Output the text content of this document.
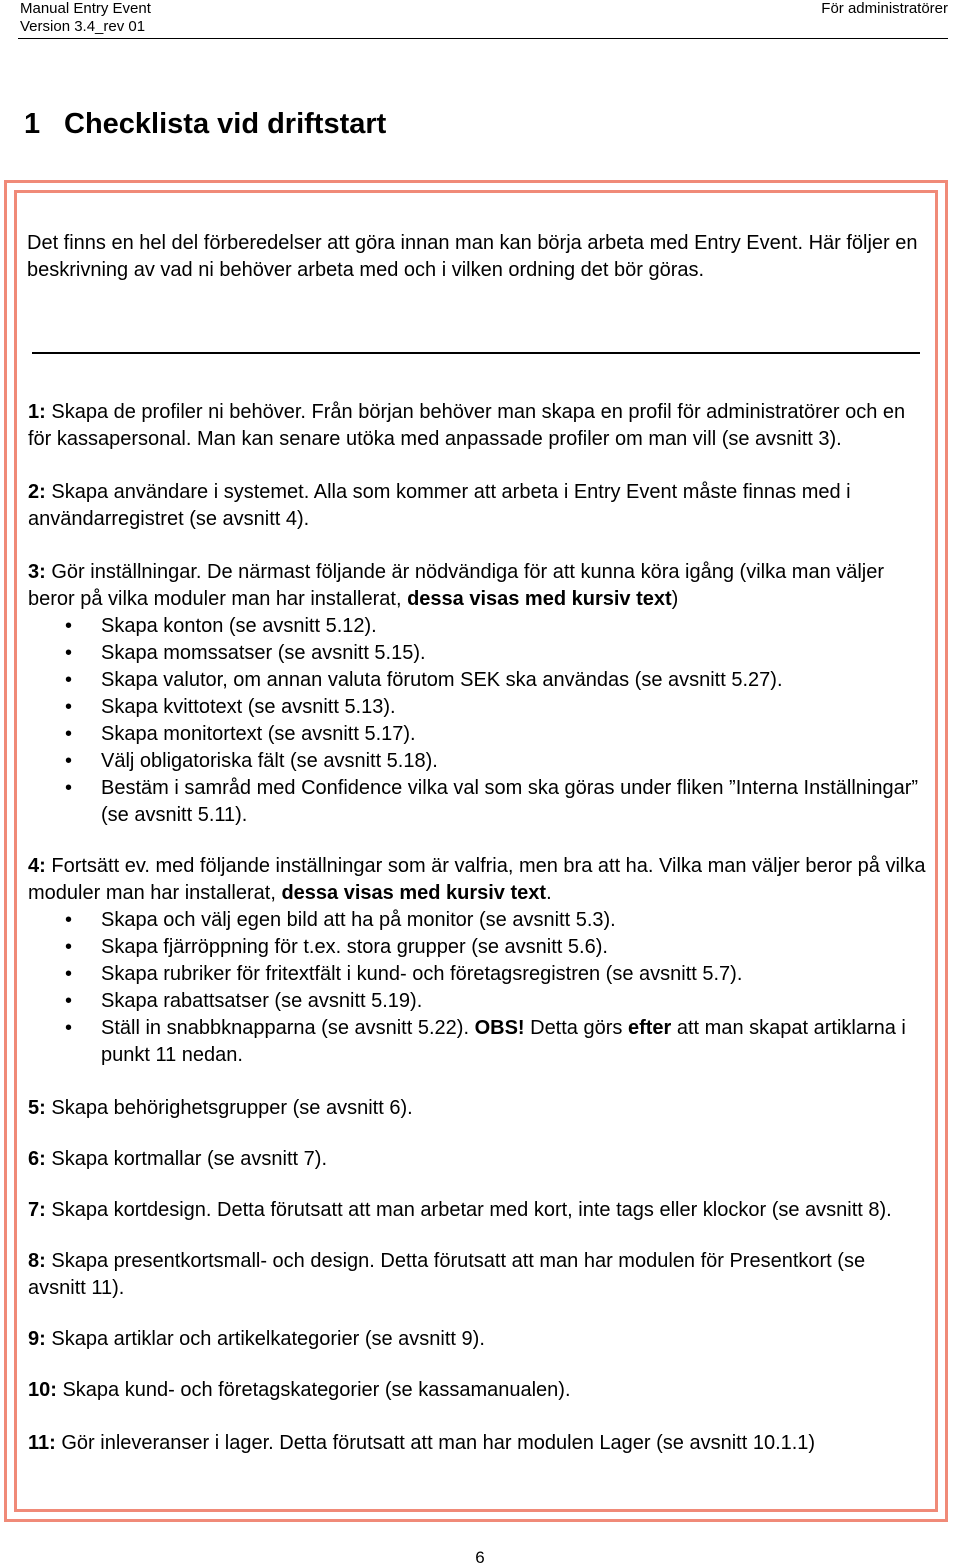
Manual Entry Event
Version 3.4_rev 01
För administratörer
1 Checklista vid driftstart

Det finns en hel del förberedelser att göra innan man kan börja arbeta med Entry Event. Här följer en beskrivning av vad ni behöver arbeta med och i vilken ordning det bör göras.

1: Skapa de profiler ni behöver. Från början behöver man skapa en profil för administratörer och en för kassapersonal. Man kan senare utöka med anpassade profiler om man vill (se avsnitt 3).

2: Skapa användare i systemet. Alla som kommer att arbeta i Entry Event måste finnas med i användarregistret (se avsnitt 4).

3: Gör inställningar. De närmast följande är nödvändiga för att kunna köra igång (vilka man väljer beror på vilka moduler man har installerat, dessa visas med kursiv text)

• Skapa konton (se avsnitt 5.12).
• Skapa momssatser (se avsnitt 5.15).
• Skapa valutor, om annan valuta förutom SEK ska användas (se avsnitt 5.27).
• Skapa kvittotext (se avsnitt 5.13).
• Skapa monitortext (se avsnitt 5.17).
• Välj obligatoriska fält (se avsnitt 5.18).
• Bestäm i samråd med Confidence vilka val som ska göras under fliken ”Interna Inställningar” (se avsnitt 5.11).

4: Fortsätt ev. med följande inställningar som är valfria, men bra att ha. Vilka man väljer beror på vilka moduler man har installerat, dessa visas med kursiv text.

• Skapa och välj egen bild att ha på monitor (se avsnitt 5.3).
• Skapa fjärröppning för t.ex. stora grupper (se avsnitt 5.6).
• Skapa rubriker för fritextfält i kund- och företagsregistren (se avsnitt 5.7).
• Skapa rabattsatser (se avsnitt 5.19).
• Ställ in snabbknapparna (se avsnitt 5.22). OBS! Detta görs efter att man skapat artiklarna i punkt 11 nedan.

5: Skapa behörighetsgrupper (se avsnitt 6).

6: Skapa kortmallar (se avsnitt 7).

7: Skapa kortdesign. Detta förutsatt att man arbetar med kort, inte tags eller klockor (se avsnitt 8).

8: Skapa presentkortsmall- och design. Detta förutsatt att man har modulen för Presentkort (se avsnitt 11).

9: Skapa artiklar och artikelkategorier (se avsnitt 9).

10: Skapa kund- och företagskategorier (se kassamanualen).

11: Gör inleveranser i lager. Detta förutsatt att man har modulen Lager (se avsnitt 10.1.1)

6
